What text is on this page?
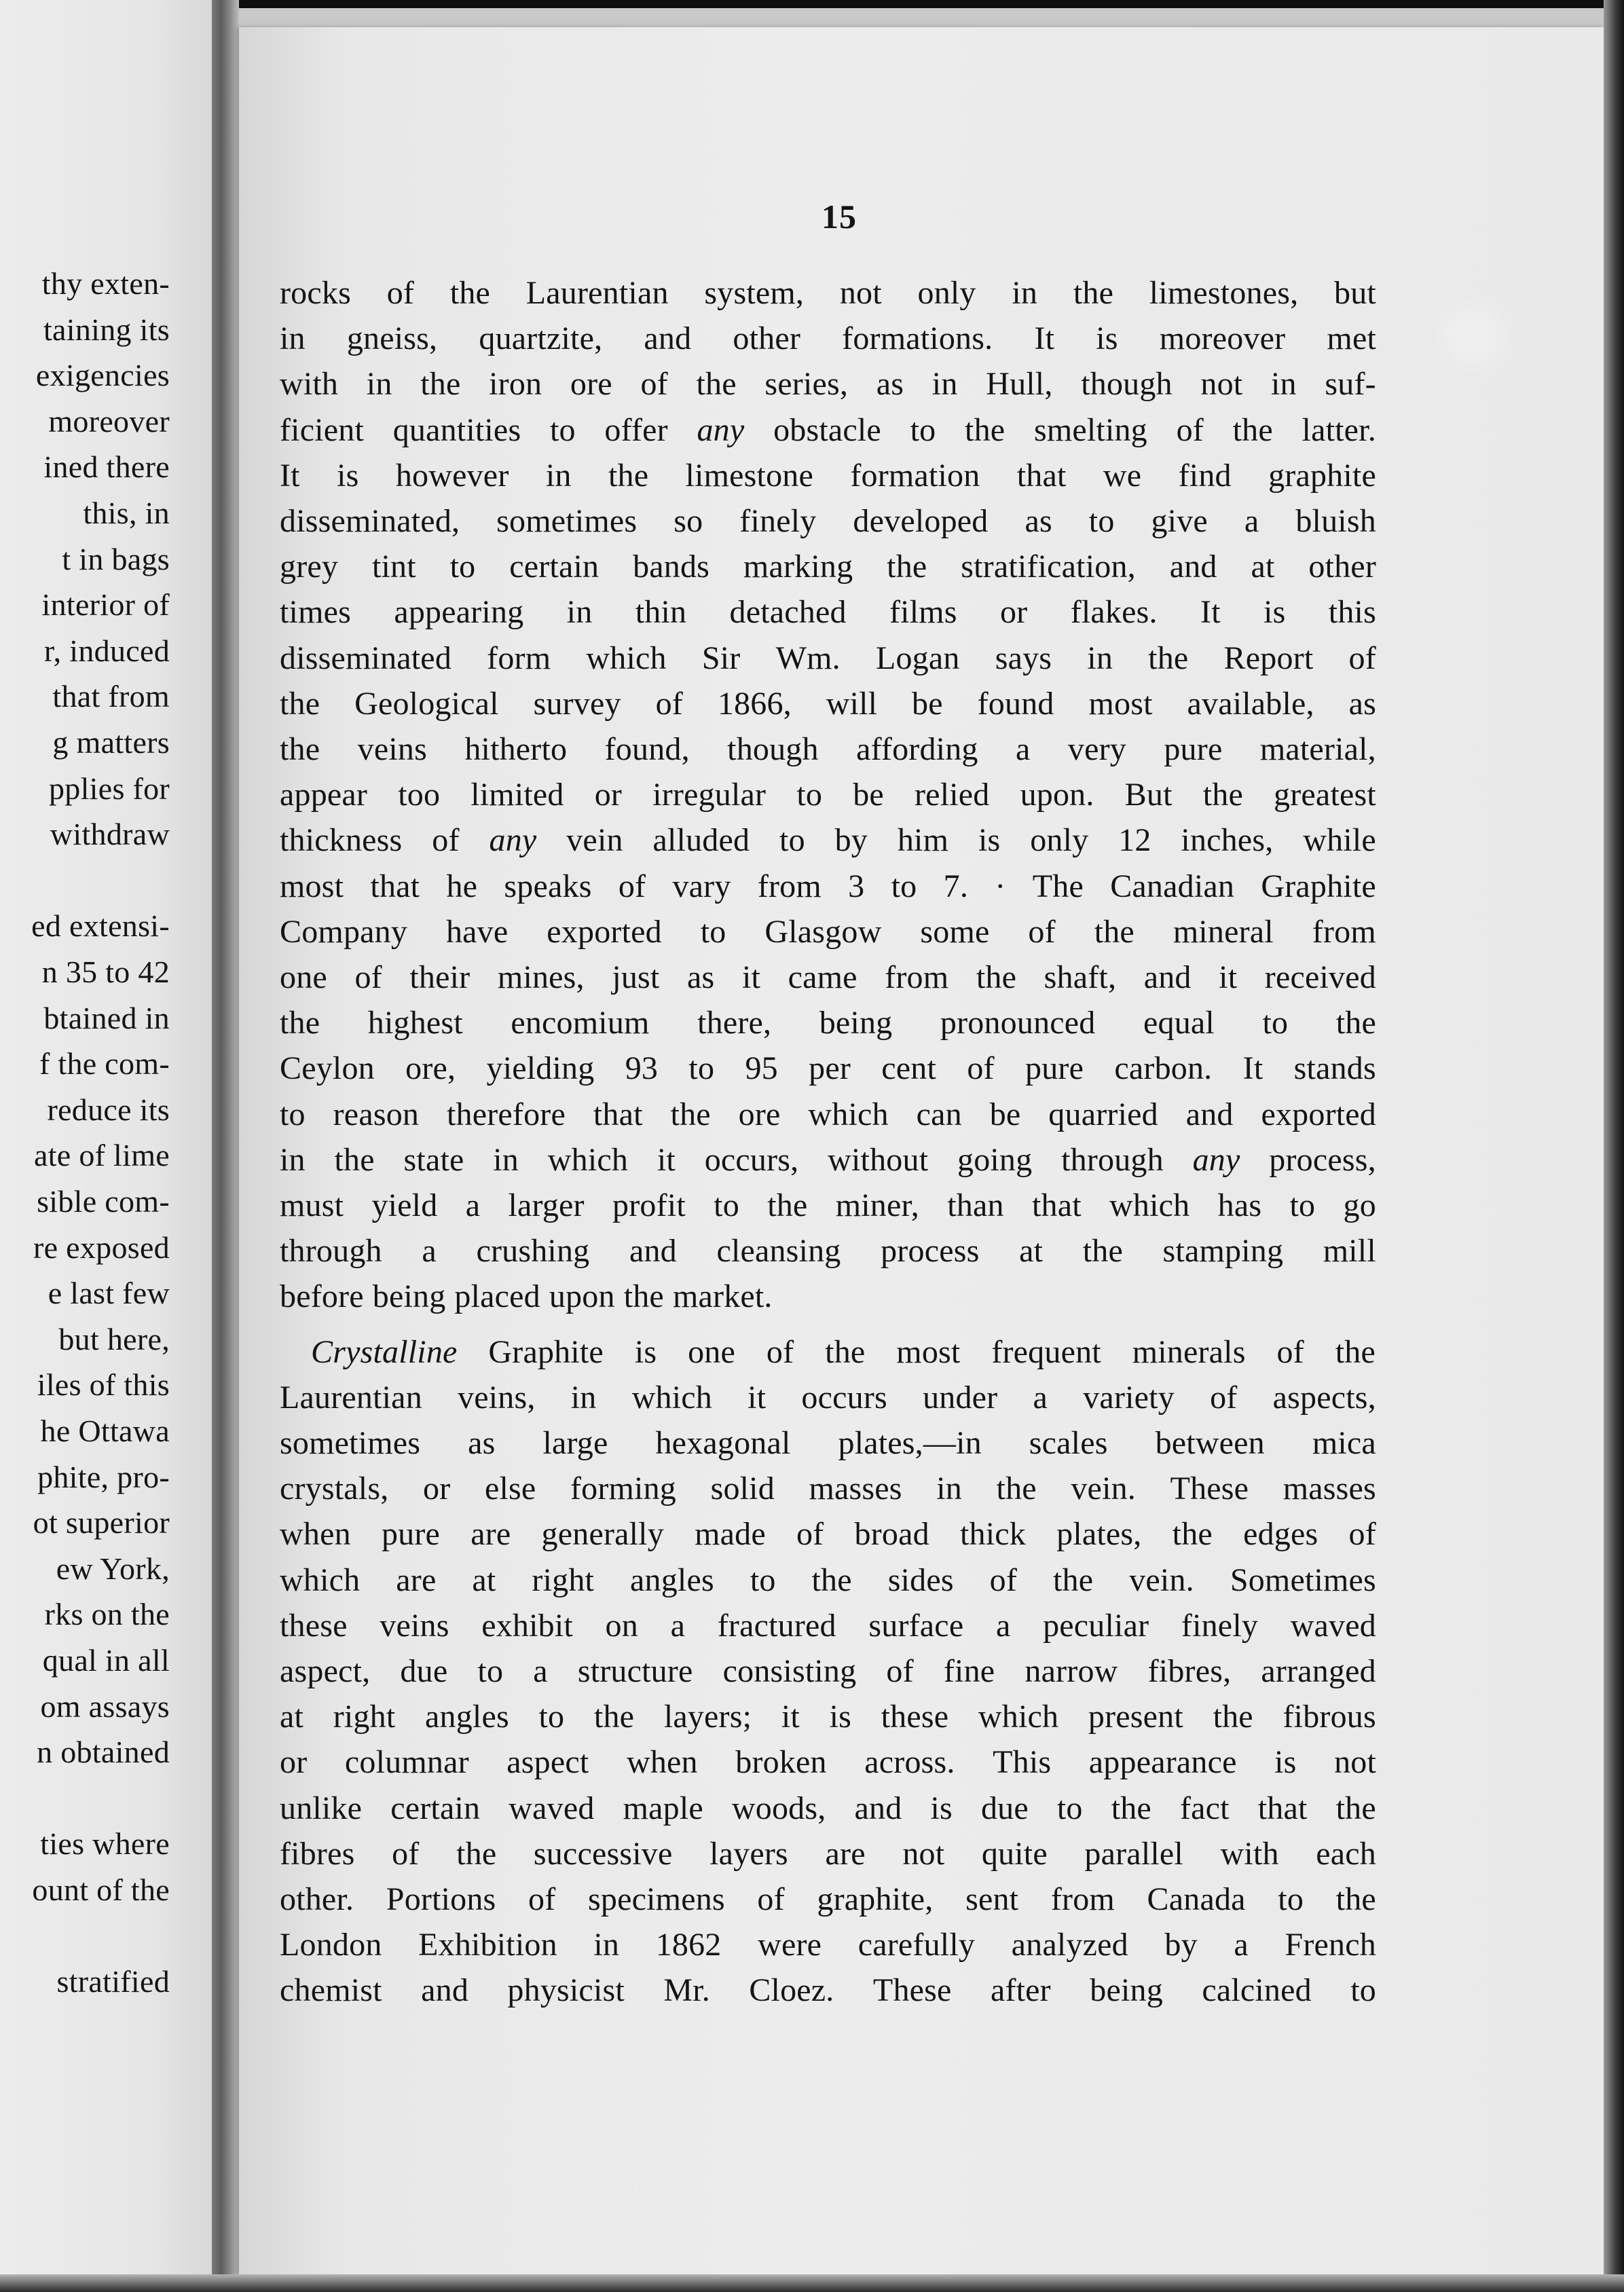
thy exten-
taining its
exigencies
moreover
ined there
this, in
t in bags
interior of
r, induced
that from
g matters
pplies for
withdraw
ed extensi-
n 35 to 42
btained in
f the com-
reduce its
ate of lime
sible com-
re exposed
e last few
but here,
iles of this
he Ottawa
phite, pro-
ot superior
ew York,
rks on the
qual in all
om assays
n obtained
ties where
ount of the
stratified
15
rocks of the Laurentian system, not only in the limestones, but
in gneiss, quartzite, and other formations. It is moreover met
with in the iron ore of the series, as in Hull, though not in suf-
ficient quantities to offer any obstacle to the smelting of the latter.
It is however in the limestone formation that we find graphite
disseminated, sometimes so finely developed as to give a bluish
grey tint to certain bands marking the stratification, and at other
times appearing in thin detached films or flakes. It is this
disseminated form which Sir Wm. Logan says in the Report of
the Geological survey of 1866, will be found most available, as
the veins hitherto found, though affording a very pure material,
appear too limited or irregular to be relied upon. But the greatest
thickness of any vein alluded to by him is only 12 inches, while
most that he speaks of vary from 3 to 7. · The Canadian Graphite
Company have exported to Glasgow some of the mineral from
one of their mines, just as it came from the shaft, and it received
the highest encomium there, being pronounced equal to the
Ceylon ore, yielding 93 to 95 per cent of pure carbon. It stands
to reason therefore that the ore which can be quarried and exported
in the state in which it occurs, without going through any process,
must yield a larger profit to the miner, than that which has to go
through a crushing and cleansing process at the stamping mill
before being placed upon the market.
Crystalline Graphite is one of the most frequent minerals of the
Laurentian veins, in which it occurs under a variety of aspects,
sometimes as large hexagonal plates,—in scales between mica
crystals, or else forming solid masses in the vein. These masses
when pure are generally made of broad thick plates, the edges of
which are at right angles to the sides of the vein. Sometimes
these veins exhibit on a fractured surface a peculiar finely waved
aspect, due to a structure consisting of fine narrow fibres, arranged
at right angles to the layers; it is these which present the fibrous
or columnar aspect when broken across. This appearance is not
unlike certain waved maple woods, and is due to the fact that the
fibres of the successive layers are not quite parallel with each
other. Portions of specimens of graphite, sent from Canada to the
London Exhibition in 1862 were carefully analyzed by a French
chemist and physicist Mr. Cloez. These after being calcined to
